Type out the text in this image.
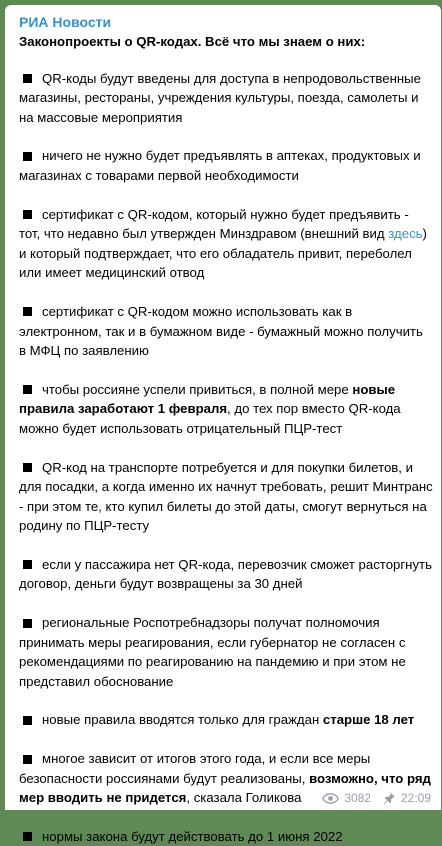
РИА Новости
Законопроекты о QR-кодах. Всё что мы знаем о них:
QR-коды будут введены для доступа в непродовольственные магазины, рестораны, учреждения культуры, поезда, самолеты и на массовые мероприятия
ничего не нужно будет предъявлять в аптеках, продуктовых и магазинах с товарами первой необходимости
сертификат с QR-кодом, который нужно будет предъявить - тот, что недавно был утвержден Минздравом (внешний вид здесь) и который подтверждает, что его обладатель привит, переболел или имеет медицинский отвод
сертификат с QR-кодом можно использовать как в электронном, так и в бумажном виде - бумажный можно получить в МФЦ по заявлению
чтобы россияне успели привиться, в полной мере новые правила заработают 1 февраля, до тех пор вместо QR-кода можно будет использовать отрицательный ПЦР-тест
QR-код на транспорте потребуется и для покупки билетов, и для посадки, а когда именно их начнут требовать, решит Минтранс - при этом те, кто купил билеты до этой даты, смогут вернуться на родину по ПЦР-тесту
если у пассажира нет QR-кода, перевозчик сможет расторгнуть договор, деньги будут возвращены за 30 дней
региональные Роспотребнадзоры получат полномочия принимать меры реагирования, если губернатор не согласен с рекомендациями по реагированию на пандемию и при этом не представил обоснование
новые правила вводятся только для граждан старше 18 лет
многое зависит от итогов этого года, и если все меры безопасности россиянами будут реализованы, возможно, что ряд мер вводить не придется, сказала Голикова
нормы закона будут действовать до 1 июня 2022
3082	22:09
